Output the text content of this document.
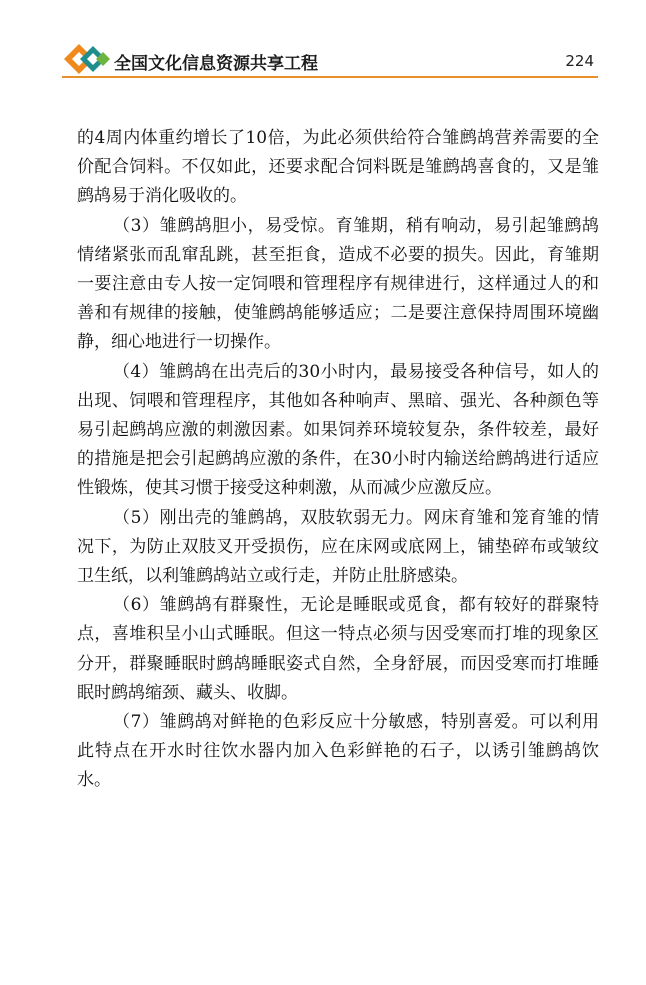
全国文化信息资源共享工程	224

的4周内体重约增长了10倍，为此必须供给符合雏鹧鸪营养需要的全价配合饲料。不仅如此，还要求配合饲料既是雏鹧鸪喜食的，又是雏鹧鸪易于消化吸收的。

（3）雏鹧鸪胆小，易受惊。育雏期，稍有响动，易引起雏鹧鸪情绪紧张而乱窜乱跳，甚至拒食，造成不必要的损失。因此，育雏期一要注意由专人按一定饲喂和管理程序有规律进行，这样通过人的和善和有规律的接触，使雏鹧鸪能够适应；二是要注意保持周围环境幽静，细心地进行一切操作。

（4）雏鹧鸪在出壳后的30小时内，最易接受各种信号，如人的出现、饲喂和管理程序，其他如各种响声、黑暗、强光、各种颜色等易引起鹧鸪应激的刺激因素。如果饲养环境较复杂，条件较差，最好的措施是把会引起鹧鸪应激的条件，在30小时内输送给鹧鸪进行适应性锻炼，使其习惯于接受这种刺激，从而减少应激反应。

（5）刚出壳的雏鹧鸪，双肢软弱无力。网床育雏和笼育雏的情况下，为防止双肢叉开受损伤，应在床网或底网上，铺垫碎布或皱纹卫生纸，以利雏鹧鸪站立或行走，并防止肚脐感染。

（6）雏鹧鸪有群聚性，无论是睡眠或觅食，都有较好的群聚特点，喜堆积呈小山式睡眠。但这一特点必须与因受寒而打堆的现象区分开，群聚睡眠时鹧鸪睡眠姿式自然，全身舒展，而因受寒而打堆睡眠时鹧鸪缩颈、藏头、收脚。

（7）雏鹧鸪对鲜艳的色彩反应十分敏感，特别喜爱。可以利用此特点在开水时往饮水器内加入色彩鲜艳的石子，以诱引雏鹧鸪饮水。
